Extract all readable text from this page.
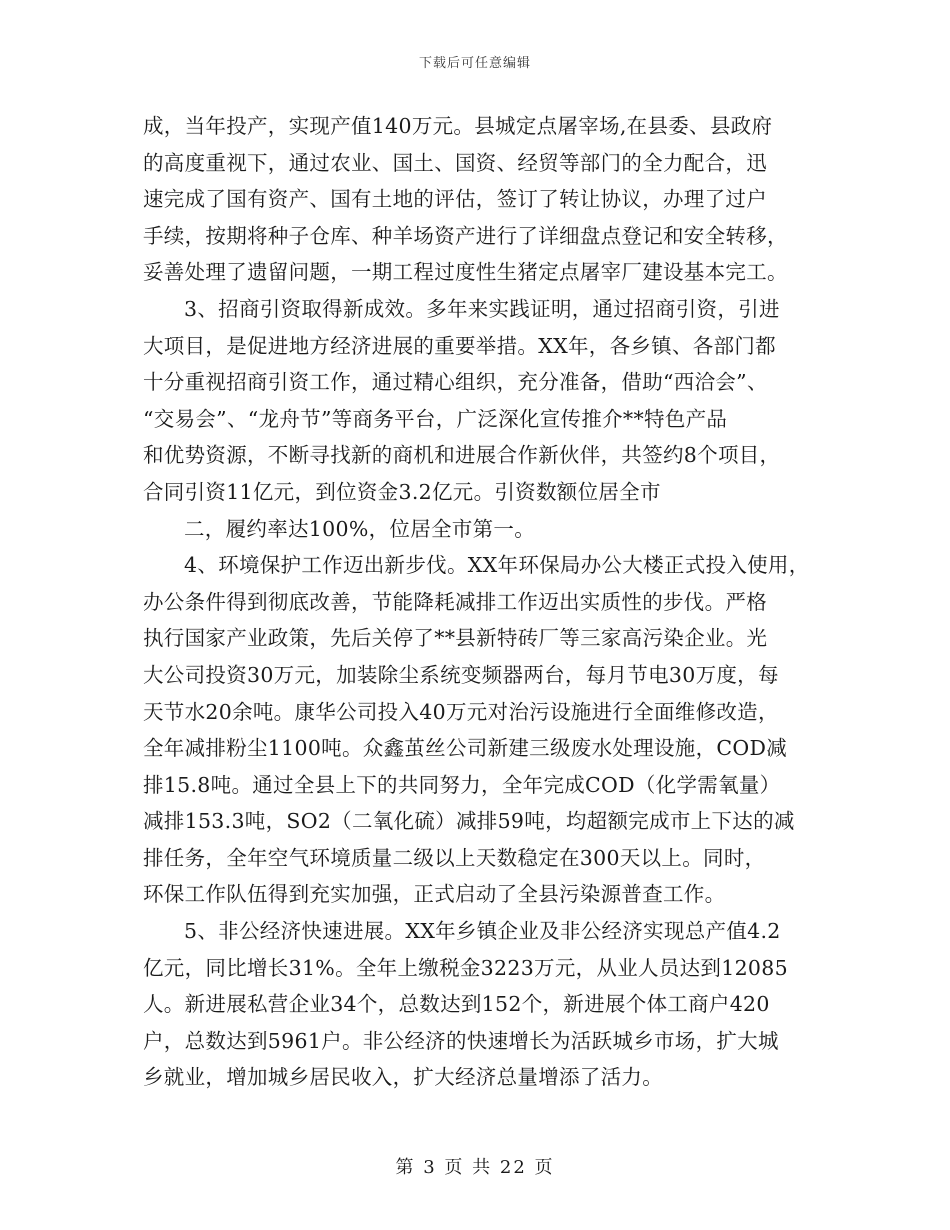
下载后可任意编辑
成，当年投产，实现产值140万元。县城定点屠宰场,在县委、县政府
的高度重视下，通过农业、国土、国资、经贸等部门的全力配合，迅
速完成了国有资产、国有土地的评估，签订了转让协议，办理了过户
手续，按期将种子仓库、种羊场资产进行了详细盘点登记和安全转移，
妥善处理了遗留问题，一期工程过度性生猪定点屠宰厂建设基本完工。
3、招商引资取得新成效。多年来实践证明，通过招商引资，引进
大项目，是促进地方经济进展的重要举措。XX年，各乡镇、各部门都
十分重视招商引资工作，通过精心组织，充分准备，借助“西洽会”、
“交易会”、“龙舟节”等商务平台，广泛深化宣传推介**特色产品
和优势资源，不断寻找新的商机和进展合作新伙伴，共签约8个项目，
合同引资11亿元，到位资金3.2亿元。引资数额位居全市
二，履约率达100%，位居全市第一。
4、环境保护工作迈出新步伐。XX年环保局办公大楼正式投入使用，
办公条件得到彻底改善，节能降耗减排工作迈出实质性的步伐。严格
执行国家产业政策，先后关停了**县新特砖厂等三家高污染企业。光
大公司投资30万元，加装除尘系统变频器两台，每月节电30万度，每
天节水20余吨。康华公司投入40万元对治污设施进行全面维修改造，
全年减排粉尘1100吨。众鑫茧丝公司新建三级废水处理设施，COD减
排15.8吨。通过全县上下的共同努力，全年完成COD（化学需氧量）
减排153.3吨，SO2（二氧化硫）减排59吨，均超额完成市上下达的减
排任务，全年空气环境质量二级以上天数稳定在300天以上。同时，
环保工作队伍得到充实加强，正式启动了全县污染源普查工作。
5、非公经济快速进展。XX年乡镇企业及非公经济实现总产值4.2
亿元，同比增长31%。全年上缴税金3223万元，从业人员达到12085
人。新进展私营企业34个，总数达到152个，新进展个体工商户420
户，总数达到5961户。非公经济的快速增长为活跃城乡市场，扩大城
乡就业，增加城乡居民收入，扩大经济总量增添了活力。
第 3 页 共 22 页
